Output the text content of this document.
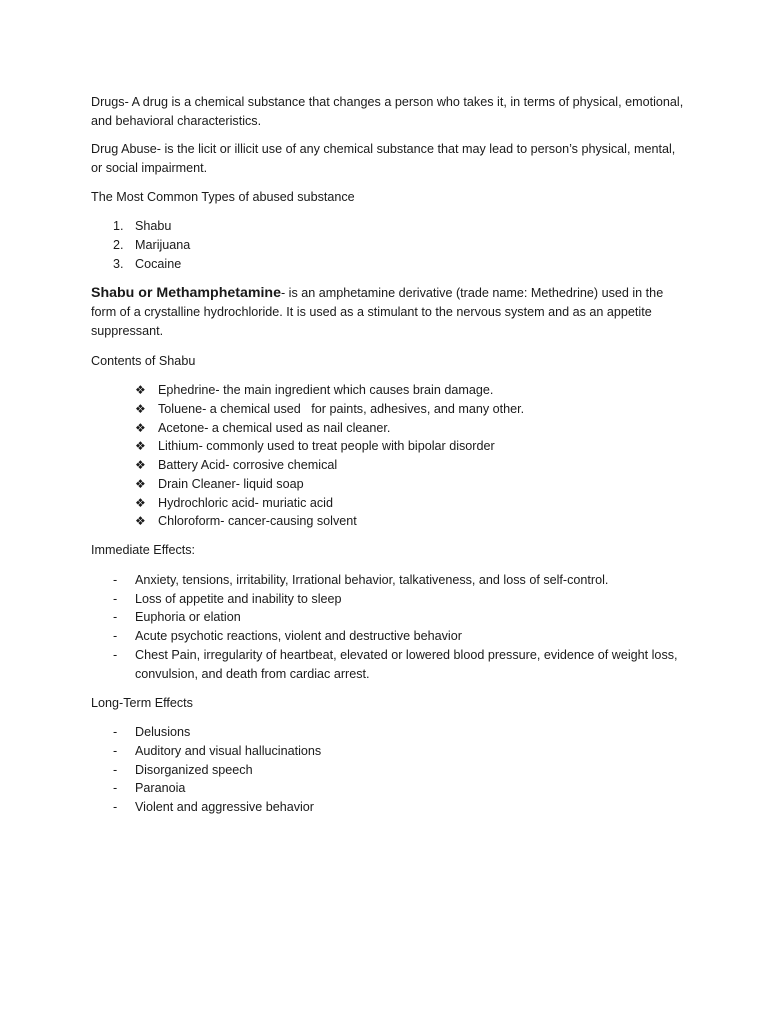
Drugs- A drug is a chemical substance that changes a person who takes it, in terms of physical, emotional, and behavioral characteristics.

Drug Abuse- is the licit or illicit use of any chemical substance that may lead to person’s physical, mental, or social impairment.

The Most Common Types of abused substance

1. Shabu
2. Marijuana
3. Cocaine

Shabu or Methamphetamine- is an amphetamine derivative (trade name: Methedrine) used in the form of a crystalline hydrochloride. It is used as a stimulant to the nervous system and as an appetite suppressant.

Contents of Shabu

❖ Ephedrine- the main ingredient which causes brain damage.
❖ Toluene- a chemical used   for paints, adhesives, and many other.
❖ Acetone- a chemical used as nail cleaner.
❖ Lithium- commonly used to treat people with bipolar disorder
❖ Battery Acid- corrosive chemical
❖ Drain Cleaner- liquid soap
❖ Hydrochloric acid- muriatic acid
❖ Chloroform- cancer-causing solvent

Immediate Effects:

- Anxiety, tensions, irritability, Irrational behavior, talkativeness, and loss of self-control.
- Loss of appetite and inability to sleep
- Euphoria or elation
- Acute psychotic reactions, violent and destructive behavior
- Chest Pain, irregularity of heartbeat, elevated or lowered blood pressure, evidence of weight loss, convulsion, and death from cardiac arrest.

Long-Term Effects

- Delusions
- Auditory and visual hallucinations
- Disorganized speech
- Paranoia
- Violent and aggressive behavior
